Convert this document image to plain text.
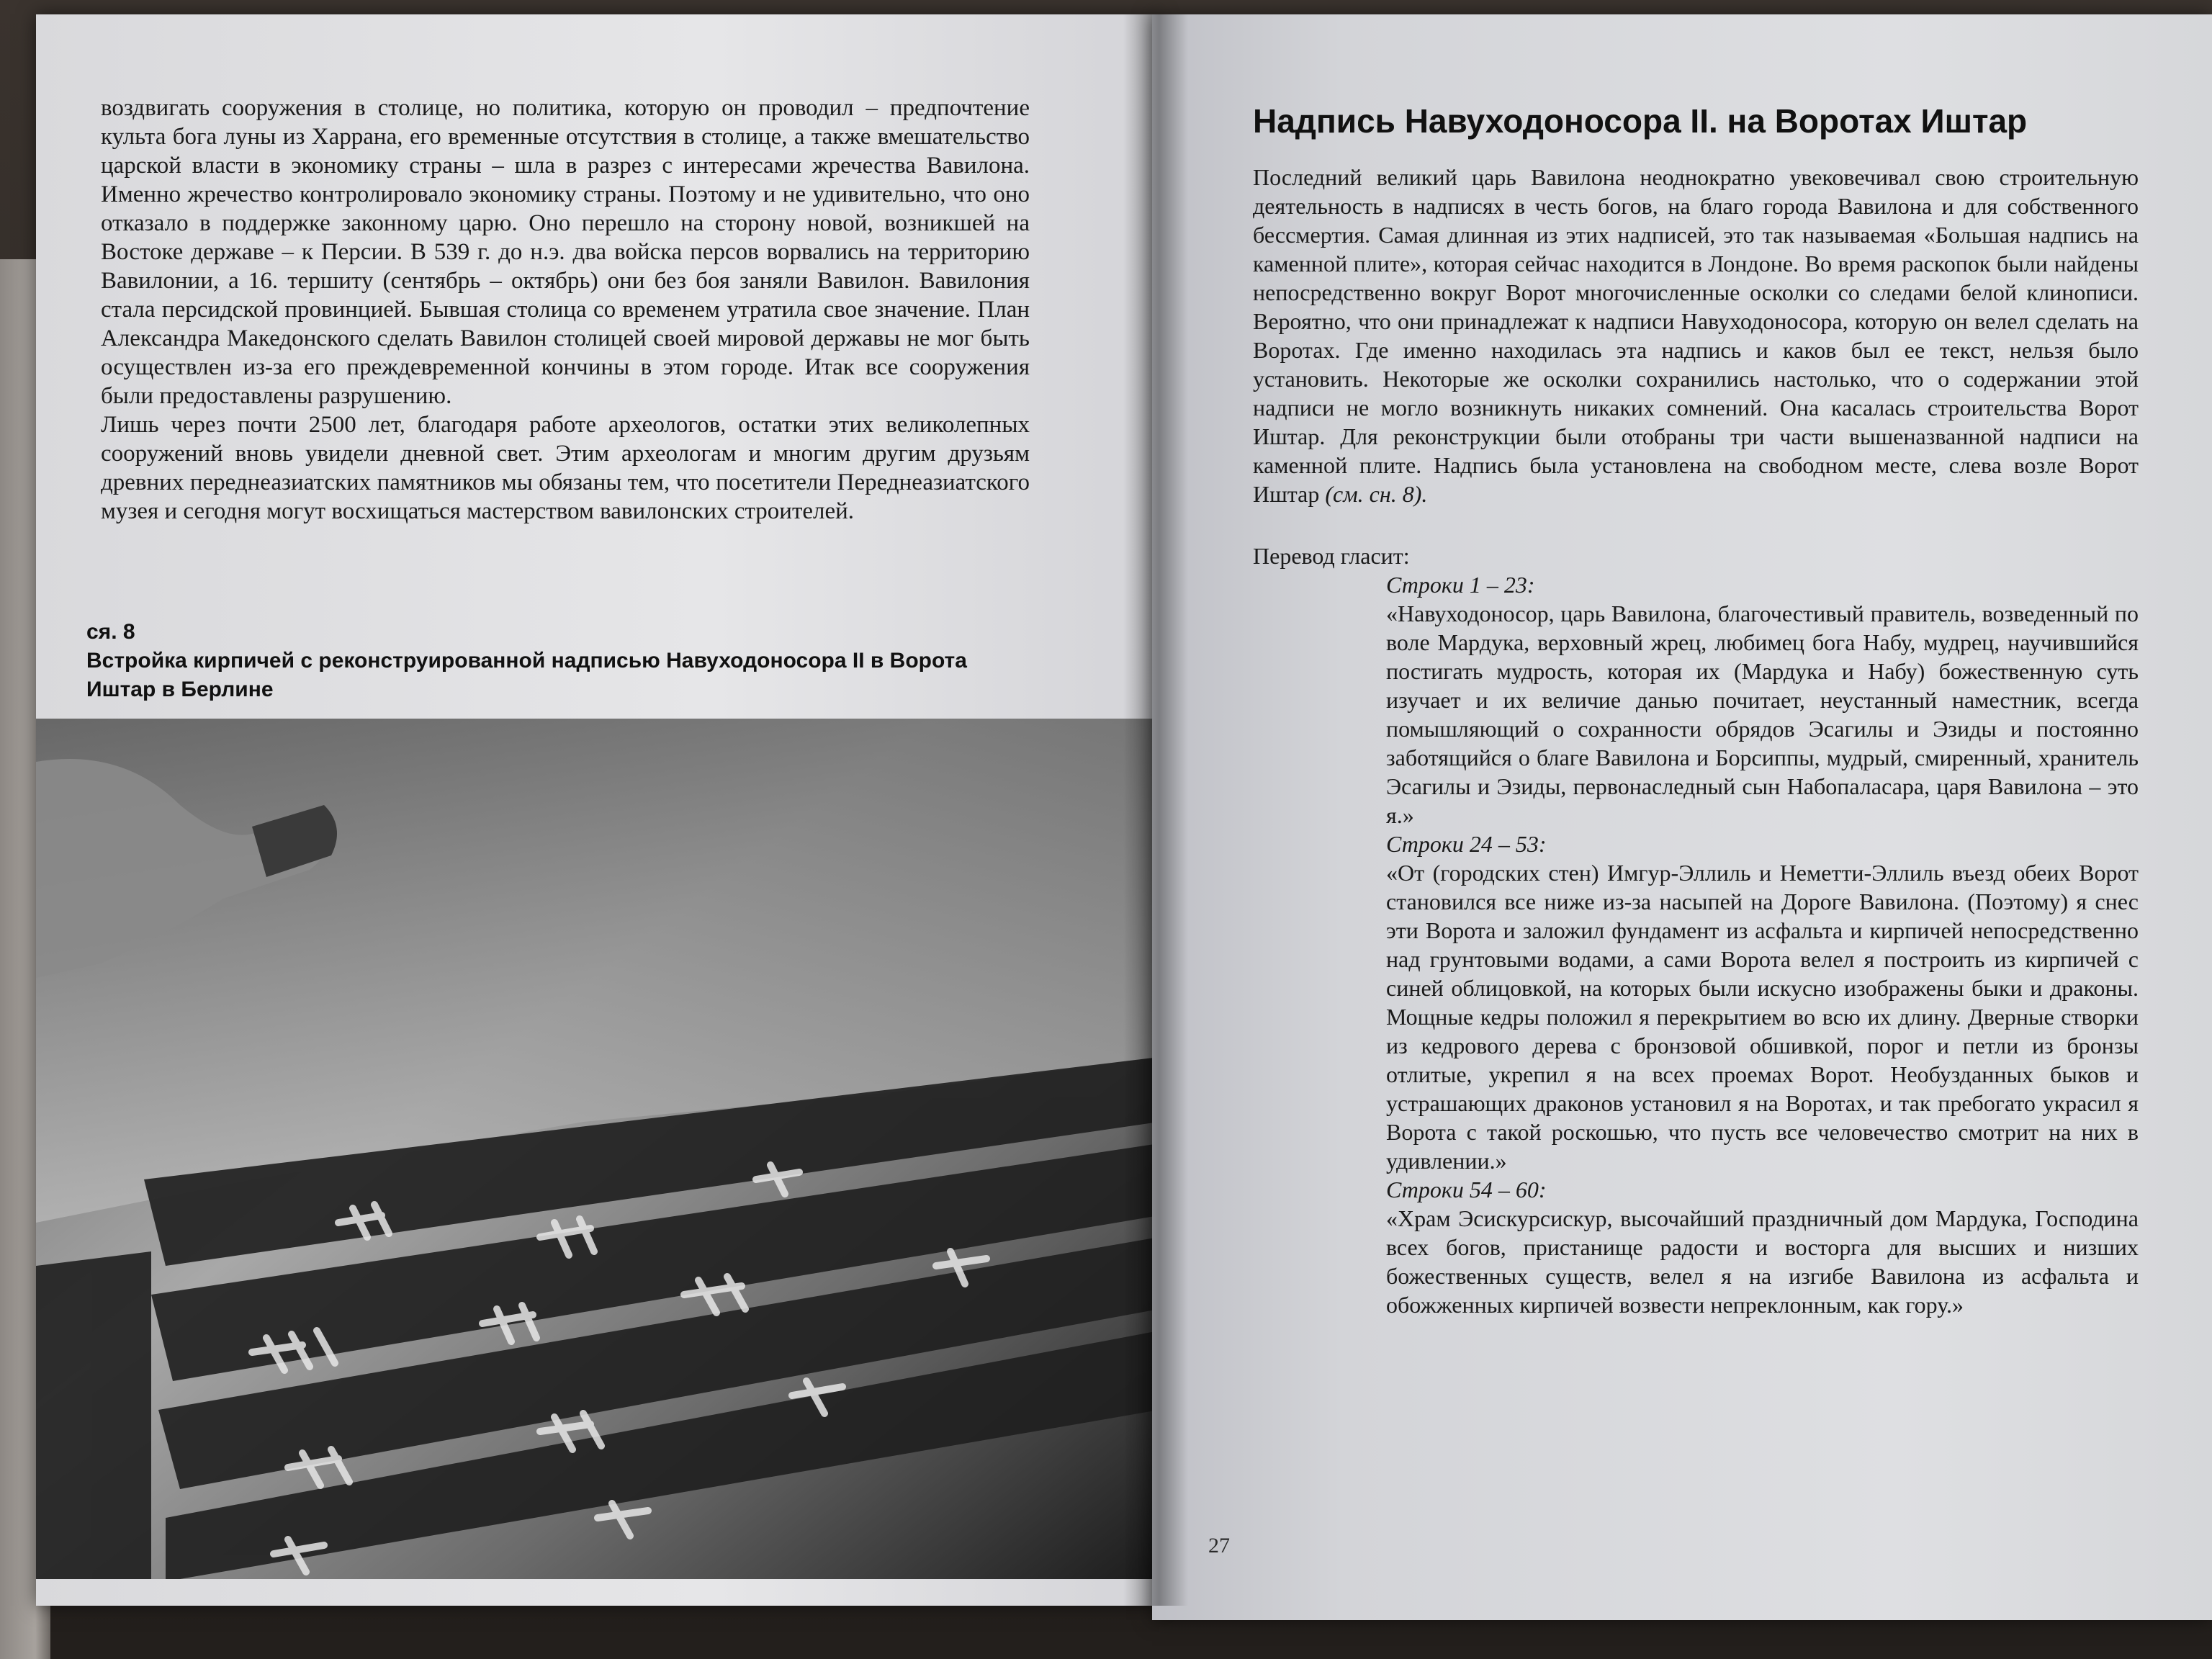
воздвигать сооружения в столице, но политика, которую он проводил – предпочтение культа бога луны из Харрана, его временные отсутствия в столице, а также вмешательство царской власти в экономику страны – шла в разрез с интересами жречества Вавилона. Именно жречество контролировало экономику страны. Поэтому и не удивительно, что оно отказало в поддержке законному царю. Оно перешло на сторону новой, возникшей на Востоке державе – к Персии. В 539 г. до н.э. два войска персов ворвались на территорию Вавилонии, а 16. тершиту (сентябрь – октябрь) они без боя заняли Вавилон. Вавилония стала персидской провинцией. Бывшая столица со временем утратила свое значение. План Александра Македонского сделать Вавилон столицей своей мировой державы не мог быть осуществлен из-за его преждевременной кончины в этом городе. Итак все сооружения были предоставлены разрушению.

Лишь через почти 2500 лет, благодаря работе археологов, остатки этих великолепных сооружений вновь увидели дневной свет. Этим археологам и многим другим друзьям древних переднеазиатских памятников мы обязаны тем, что посетители Переднеазиатского музея и сегодня могут восхищаться мастерством вавилонских строителей.

ся. 8
Встройка кирпичей с реконструированной надписью Навуходоносора II в Ворота Иштар в Берлине
Надпись Навуходоносора II. на Воротах Иштар

Последний великий царь Вавилона неоднократно увековечивал свою строительную деятельность в надписях в честь богов, на благо города Вавилона и для собственного бессмертия. Самая длинная из этих надписей, это так называемая «Большая надпись на каменной плите», которая сейчас находится в Лондоне. Во время раскопок были найдены непосредственно вокруг Ворот многочисленные осколки со следами белой клинописи. Вероятно, что они принадлежат к надписи Навуходоносора, которую он велел сделать на Воротах. Где именно находилась эта надпись и каков был ее текст, нельзя было установить. Некоторые же осколки сохранились настолько, что о содержании этой надписи не могло возникнуть никаких сомнений. Она касалась строительства Ворот Иштар. Для реконструкции были отобраны три части вышеназванной надписи на каменной плите. Надпись была установлена на свободном месте, слева возле Ворот Иштар (см. сн. 8).

Перевод гласит:

Строки 1 – 23:

«Навуходоносор, царь Вавилона, благочестивый правитель, возведенный по воле Мардука, верховный жрец, любимец бога Набу, мудрец, научившийся постигать мудрость, которая их (Мардука и Набу) божественную суть изучает и их величие данью почитает, неустанный наместник, всегда помышляющий о сохранности обрядов Эсагилы и Эзиды и постоянно заботящийся о благе Вавилона и Борсиппы, мудрый, смиренный, хранитель Эсагилы и Эзиды, первонаследный сын Набопаласара, царя Вавилона – это я.»

Строки 24 – 53:

«От (городских стен) Имгур-Эллиль и Неметти-Эллиль въезд обеих Ворот становился все ниже из-за насыпей на Дороге Вавилона. (Поэтому) я снес эти Ворота и заложил фундамент из асфальта и кирпичей непосредственно над грунтовыми водами, а сами Ворота велел я построить из кирпичей с синей облицовкой, на которых были искусно изображены быки и драконы. Мощные кедры положил я перекрытием во всю их длину. Дверные створки из кедрового дерева с бронзовой обшивкой, порог и петли из бронзы отлитые, укрепил я на всех проемах Ворот. Необузданных быков и устрашающих драконов установил я на Воротах, и так пребогато украсил я Ворота с такой роскошью, что пусть все человечество смотрит на них в удивлении.»

Строки 54 – 60:

«Храм Эсискурсискур, высочайший праздничный дом Мардука, Господина всех богов, пристанище радости и восторга для высших и низших божественных существ, велел я на изгибе Вавилона из асфальта и обожженных кирпичей возвести непреклонным, как гору.»

27
